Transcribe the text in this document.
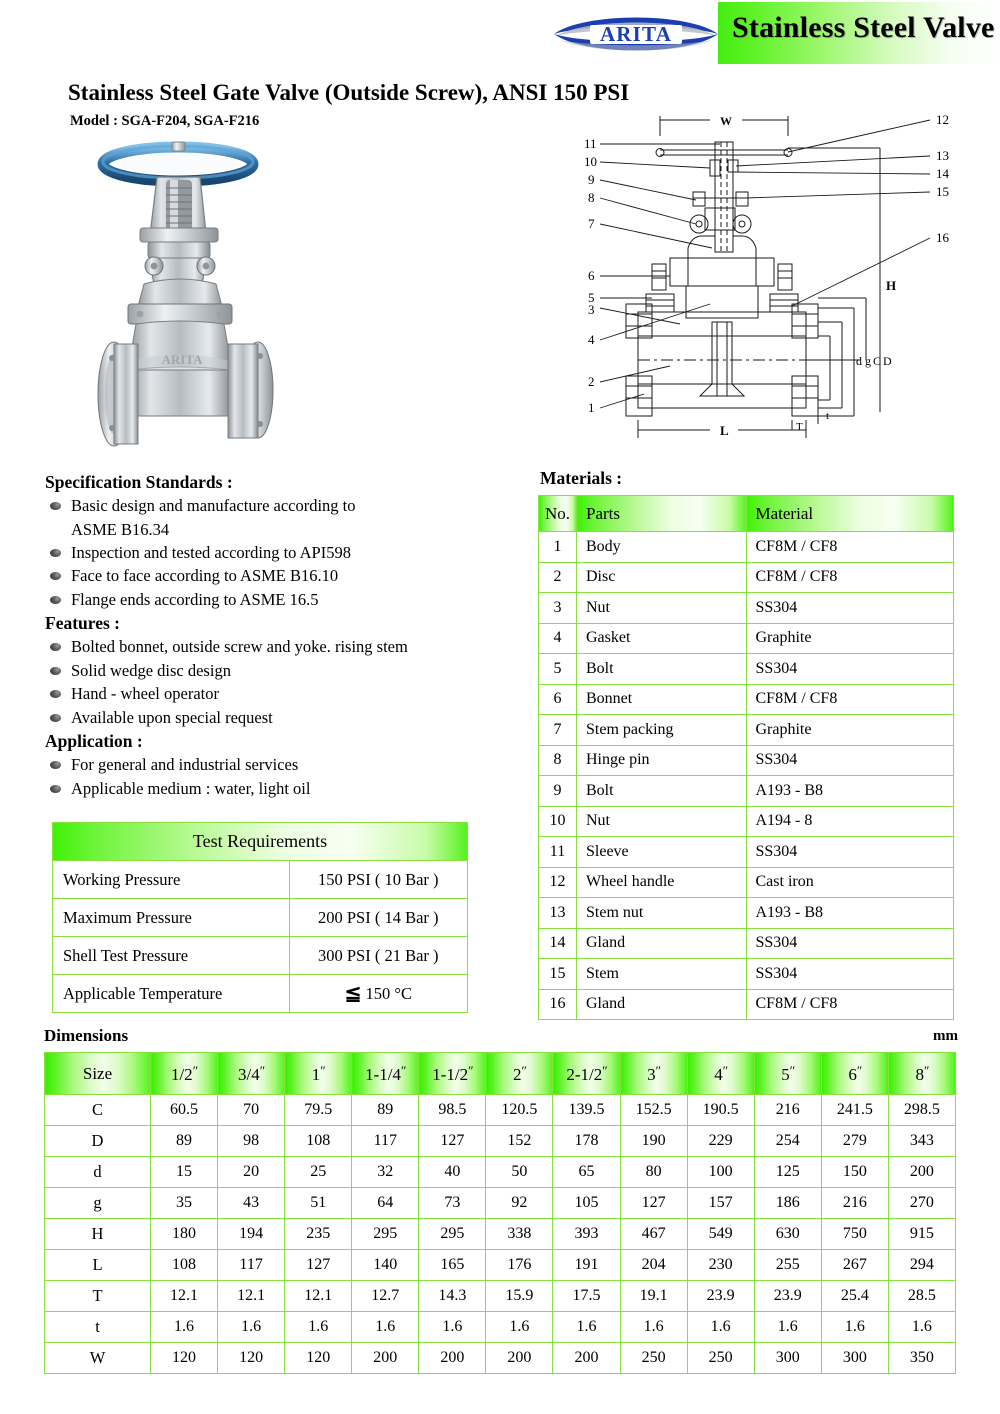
ARITA Stainless Steel Valve
Stainless Steel Gate Valve (Outside Screw), ANSI 150 PSI
Model : SGA-F204, SGA-F216
ARITA
W
11
10
9
8
7
6
5
3
4
2
1
12
13
14
15
16
H
L
d g C D
T
t
Specification Standards :
Basic design and manufacture according to
ASME B16.34
Inspection and tested according to API598
Face to face according to ASME B16.10
Flange ends according to ASME 16.5
Features :
Bolted bonnet, outside screw and yoke. rising stem
Solid wedge disc design
Hand - wheel operator
Available upon special request
Application :
For general and industrial services
Applicable medium : water, light oil
Test Requirements	
Working Pressure	150 PSI ( 10 Bar )
Maximum Pressure	200 PSI ( 14 Bar )
Shell Test Pressure	300 PSI ( 21 Bar )
Applicable Temperature	≦ 150 °C
Materials :
No.	Parts	Material
1	Body	CF8M / CF8
2	Disc	CF8M / CF8
3	Nut	SS304
4	Gasket	Graphite
5	Bolt	SS304
6	Bonnet	CF8M / CF8
7	Stem packing	Graphite
8	Hinge pin	SS304
9	Bolt	A193 - B8
10	Nut	A194 - 8
11	Sleeve	SS304
12	Wheel handle	Cast iron
13	Stem nut	A193 - B8
14	Gland	SS304
15	Stem	SS304
16	Gland	CF8M / CF8
Dimensions	mm
Size	1/2″	3/4″	1″	1-1/4″	1-1/2″	2″	2-1/2″	3″	4″	5″	6″	8″
C	60.5	70	79.5	89	98.5	120.5	139.5	152.5	190.5	216	241.5	298.5
D	89	98	108	117	127	152	178	190	229	254	279	343
d	15	20	25	32	40	50	65	80	100	125	150	200
g	35	43	51	64	73	92	105	127	157	186	216	270
H	180	194	235	295	295	338	393	467	549	630	750	915
L	108	117	127	140	165	176	191	204	230	255	267	294
T	12.1	12.1	12.1	12.7	14.3	15.9	17.5	19.1	23.9	23.9	25.4	28.5
t	1.6	1.6	1.6	1.6	1.6	1.6	1.6	1.6	1.6	1.6	1.6	1.6
W	120	120	120	200	200	200	200	250	250	300	300	350
